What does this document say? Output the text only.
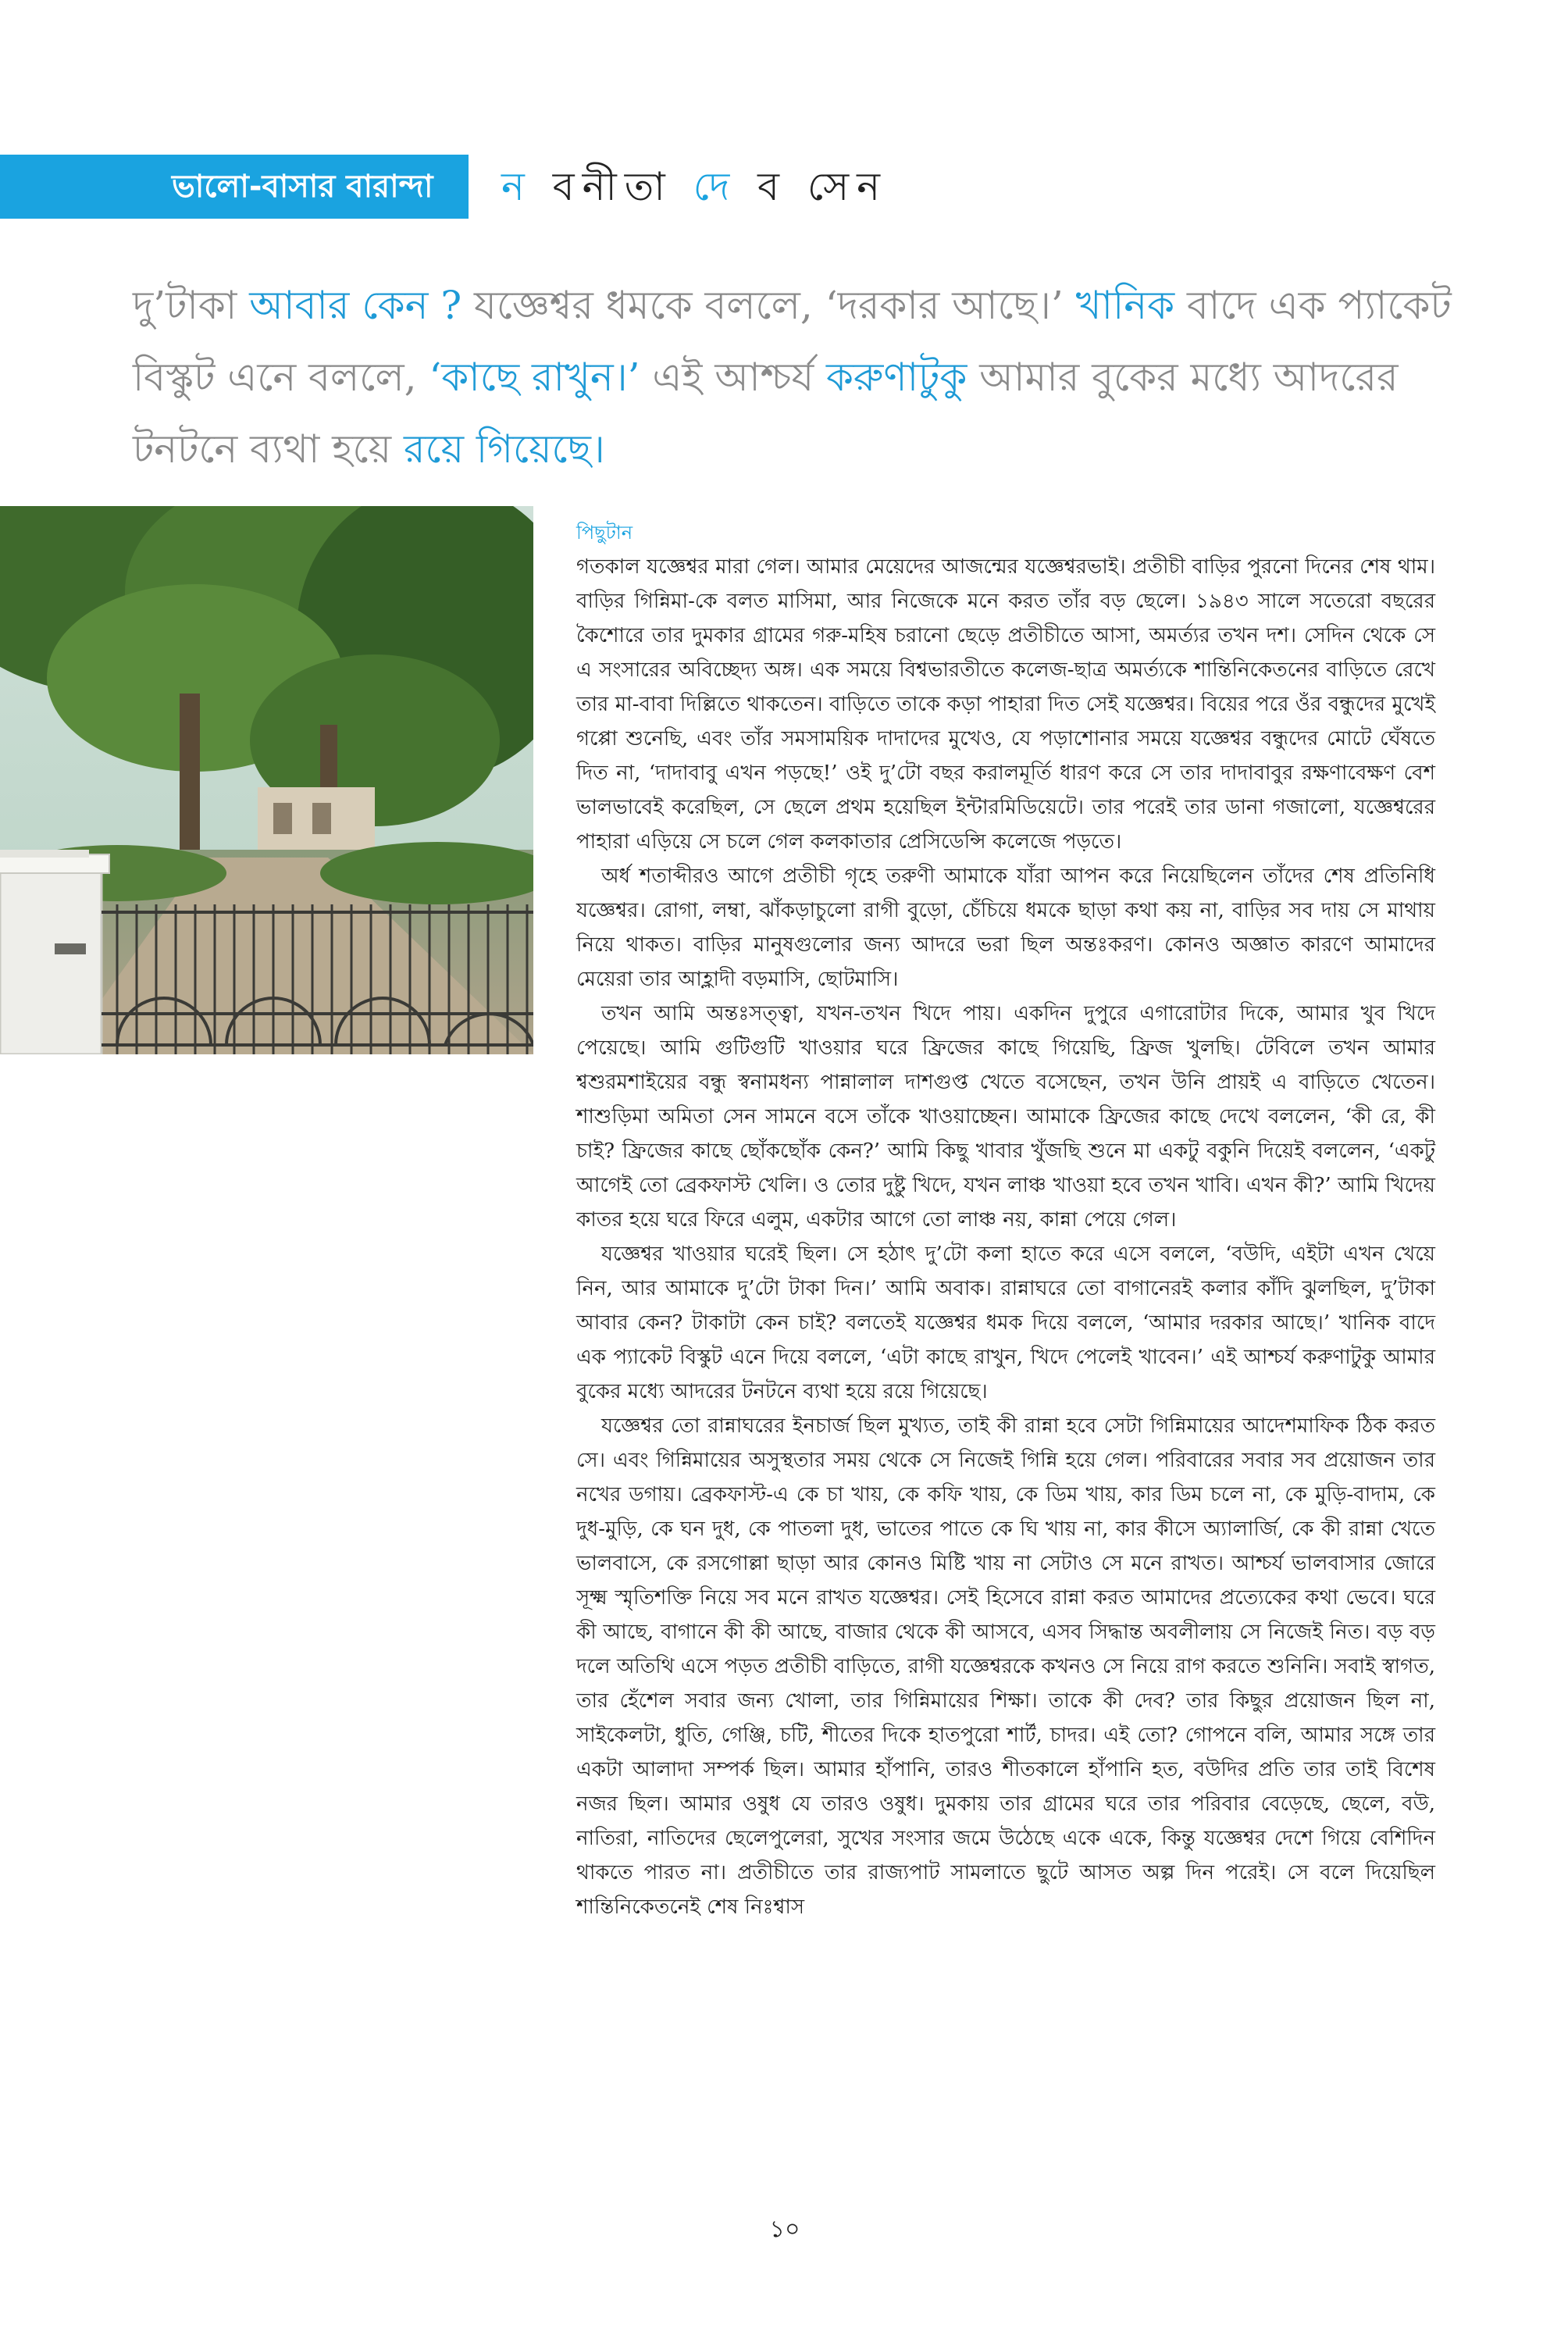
ভালো-বাসার বারান্দা	ন বনীতা দে ব সেন
দু’টাকা আবার কেন ? যজ্ঞেশ্বর ধমকে বললে, ‘দরকার আছে।’ খানিক বাদে এক প্যাকেট বিস্কুট এনে বললে, ‘কাছে রাখুন।’ এই আশ্চর্য করুণাটুকু আমার বুকের মধ্যে আদরের টনটনে ব্যথা হয়ে রয়ে গিয়েছে।
পিছুটান

গতকাল যজ্ঞেশ্বর মারা গেল। আমার মেয়েদের আজন্মের যজ্ঞেশ্বরভাই। প্রতীচী বাড়ির পুরনো দিনের শেষ থাম। বাড়ির গিন্নিমা-কে বলত মাসিমা, আর নিজেকে মনে করত তাঁর বড় ছেলে। ১৯৪৩ সালে সতেরো বছরের কৈশোরে তার দুমকার গ্রামের গরু-মহিষ চরানো ছেড়ে প্রতীচীতে আসা, অমর্ত্যর তখন দশ। সেদিন থেকে সে এ সংসারের অবিচ্ছেদ্য অঙ্গ। এক সময়ে বিশ্বভারতীতে কলেজ-ছাত্র অমর্ত্যকে শান্তিনিকেতনের বাড়িতে রেখে তার মা-বাবা দিল্লিতে থাকতেন। বাড়িতে তাকে কড়া পাহারা দিত সেই যজ্ঞেশ্বর। বিয়ের পরে ওঁর বন্ধুদের মুখেই গপ্পো শুনেছি, এবং তাঁর সমসাময়িক দাদাদের মুখেও, যে পড়াশোনার সময়ে যজ্ঞেশ্বর বন্ধুদের মোটে ঘেঁষতে দিত না, ‘দাদাবাবু এখন পড়ছে!’ ওই দু’টো বছর করালমূর্তি ধারণ করে সে তার দাদাবাবুর রক্ষণাবেক্ষণ বেশ ভালভাবেই করেছিল, সে ছেলে প্রথম হয়েছিল ইন্টারমিডিয়েটে। তার পরেই তার ডানা গজালো, যজ্ঞেশ্বরের পাহারা এড়িয়ে সে চলে গেল কলকাতার প্রেসিডেন্সি কলেজে পড়তে।

অর্ধ শতাব্দীরও আগে প্রতীচী গৃহে তরুণী আমাকে যাঁরা আপন করে নিয়েছিলেন তাঁদের শেষ প্রতিনিধি যজ্ঞেশ্বর। রোগা, লম্বা, ঝাঁকড়াচুলো রাগী বুড়ো, চেঁচিয়ে ধমকে ছাড়া কথা কয় না, বাড়ির সব দায় সে মাথায় নিয়ে থাকত। বাড়ির মানুষগুলোর জন্য আদরে ভরা ছিল অন্তঃকরণ। কোনও অজ্ঞাত কারণে আমাদের মেয়েরা তার আহ্লাদী বড়মাসি, ছোটমাসি।

তখন আমি অন্তঃসত্ত্বা, যখন-তখন খিদে পায়। একদিন দুপুরে এগারোটার দিকে, আমার খুব খিদে পেয়েছে। আমি গুটিগুটি খাওয়ার ঘরে ফ্রিজের কাছে গিয়েছি, ফ্রিজ খুলছি। টেবিলে তখন আমার শ্বশুরমশাইয়ের বন্ধু স্বনামধন্য পান্নালাল দাশগুপ্ত খেতে বসেছেন, তখন উনি প্রায়ই এ বাড়িতে খেতেন। শাশুড়িমা অমিতা সেন সামনে বসে তাঁকে খাওয়াচ্ছেন। আমাকে ফ্রিজের কাছে দেখে বললেন, ‘কী রে, কী চাই? ফ্রিজের কাছে ছোঁকছোঁক কেন?’ আমি কিছু খাবার খুঁজছি শুনে মা একটু বকুনি দিয়েই বললেন, ‘একটু আগেই তো ব্রেকফাস্ট খেলি। ও তোর দুষ্টু খিদে, যখন লাঞ্চ খাওয়া হবে তখন খাবি। এখন কী?’ আমি খিদেয় কাতর হয়ে ঘরে ফিরে এলুম, একটার আগে তো লাঞ্চ নয়, কান্না পেয়ে গেল।

যজ্ঞেশ্বর খাওয়ার ঘরেই ছিল। সে হঠাৎ দু’টো কলা হাতে করে এসে বললে, ‘বউদি, এইটা এখন খেয়ে নিন, আর আমাকে দু’টো টাকা দিন।’ আমি অবাক। রান্নাঘরে তো বাগানেরই কলার কাঁদি ঝুলছিল, দু’টাকা আবার কেন? টাকাটা কেন চাই? বলতেই যজ্ঞেশ্বর ধমক দিয়ে বললে, ‘আমার দরকার আছে।’ খানিক বাদে এক প্যাকেট বিস্কুট এনে দিয়ে বললে, ‘এটা কাছে রাখুন, খিদে পেলেই খাবেন।’ এই আশ্চর্য করুণাটুকু আমার বুকের মধ্যে আদরের টনটনে ব্যথা হয়ে রয়ে গিয়েছে।

যজ্ঞেশ্বর তো রান্নাঘরের ইনচার্জ ছিল মুখ্যত, তাই কী রান্না হবে সেটা গিন্নিমায়ের আদেশমাফিক ঠিক করত সে। এবং গিন্নিমায়ের অসুস্থতার সময় থেকে সে নিজেই গিন্নি হয়ে গেল। পরিবারের সবার সব প্রয়োজন তার নখের ডগায়। ব্রেকফাস্ট-এ কে চা খায়, কে কফি খায়, কে ডিম খায়, কার ডিম চলে না, কে মুড়ি-বাদাম, কে দুধ-মুড়ি, কে ঘন দুধ, কে পাতলা দুধ, ভাতের পাতে কে ঘি খায় না, কার কীসে অ্যালার্জি, কে কী রান্না খেতে ভালবাসে, কে রসগোল্লা ছাড়া আর কোনও মিষ্টি খায় না সেটাও সে মনে রাখত। আশ্চর্য ভালবাসার জোরে সূক্ষ্ম স্মৃতিশক্তি নিয়ে সব মনে রাখত যজ্ঞেশ্বর। সেই হিসেবে রান্না করত আমাদের প্রত্যেকের কথা ভেবে। ঘরে কী আছে, বাগানে কী কী আছে, বাজার থেকে কী আসবে, এসব সিদ্ধান্ত অবলীলায় সে নিজেই নিত। বড় বড় দলে অতিথি এসে পড়ত প্রতীচী বাড়িতে, রাগী যজ্ঞেশ্বরকে কখনও সে নিয়ে রাগ করতে শুনিনি। সবাই স্বাগত, তার হেঁশেল সবার জন্য খোলা, তার গিন্নিমায়ের শিক্ষা। তাকে কী দেব? তার কিছুর প্রয়োজন ছিল না, সাইকেলটা, ধুতি, গেঞ্জি, চটি, শীতের দিকে হাতপুরো শার্ট, চাদর। এই তো? গোপনে বলি, আমার সঙ্গে তার একটা আলাদা সম্পর্ক ছিল। আমার হাঁপানি, তারও শীতকালে হাঁপানি হত, বউদির প্রতি তার তাই বিশেষ নজর ছিল। আমার ওষুধ যে তারও ওষুধ। দুমকায় তার গ্রামের ঘরে তার পরিবার বেড়েছে, ছেলে, বউ, নাতিরা, নাতিদের ছেলেপুলেরা, সুখের সংসার জমে উঠেছে একে একে, কিন্তু যজ্ঞেশ্বর দেশে গিয়ে বেশিদিন থাকতে পারত না। প্রতীচীতে তার রাজ্যপাট সামলাতে ছুটে আসত অল্প দিন পরেই। সে বলে দিয়েছিল শান্তিনিকেতনেই শেষ নিঃশ্বাস

১০
